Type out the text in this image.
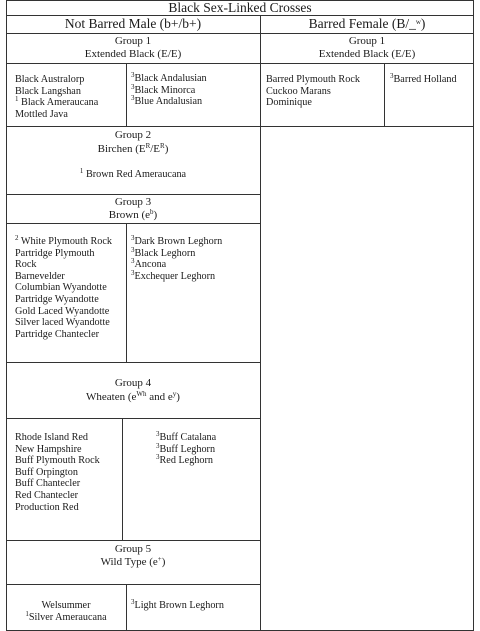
Black Sex-Linked Crosses
Not Barred Male (b+/b+)	Barred Female (B/_$^w$)
Group 1
Extended Black (E/E)
Black Australorp
Black Langshan
$^1$ Black Ameraucana
Mottled Java
$^3$Black Andalusian
$^3$Black Minorca
$^3$Blue Andalusian
Group 1
Extended Black (E/E)
Barred Plymouth Rock
Cuckoo Marans
Dominique
$^3$Barred Holland
Group 2
Birchen $(E^R/E^R)$
$^1$ Brown Red Ameraucana
Group 3
Brown $(e^b)$
$^2$ White Plymouth Rock
Partridge Plymouth
Rock
Barnevelder
Columbian Wyandotte
Partridge Wyandotte
Gold Laced Wyandotte
Silver laced Wyandotte
Partridge Chantecler
$^3$Dark Brown Leghorn
$^3$Black Leghorn
$^3$Ancona
$^3$Exchequer Leghorn
Group 4
Wheaten ($e^{Wh}$ and $e^y$)
Rhode Island Red
New Hampshire
Buff Plymouth Rock
Buff Orpington
Buff Chantecler
Red Chantecler
Production Red
$^3$Buff Catalana
$^3$Buff Leghorn
$^3$Red Leghorn
Group 5
Wild Type (e+)
Welsummer
$^1$Silver Ameraucana
$^3$Light Brown Leghorn
